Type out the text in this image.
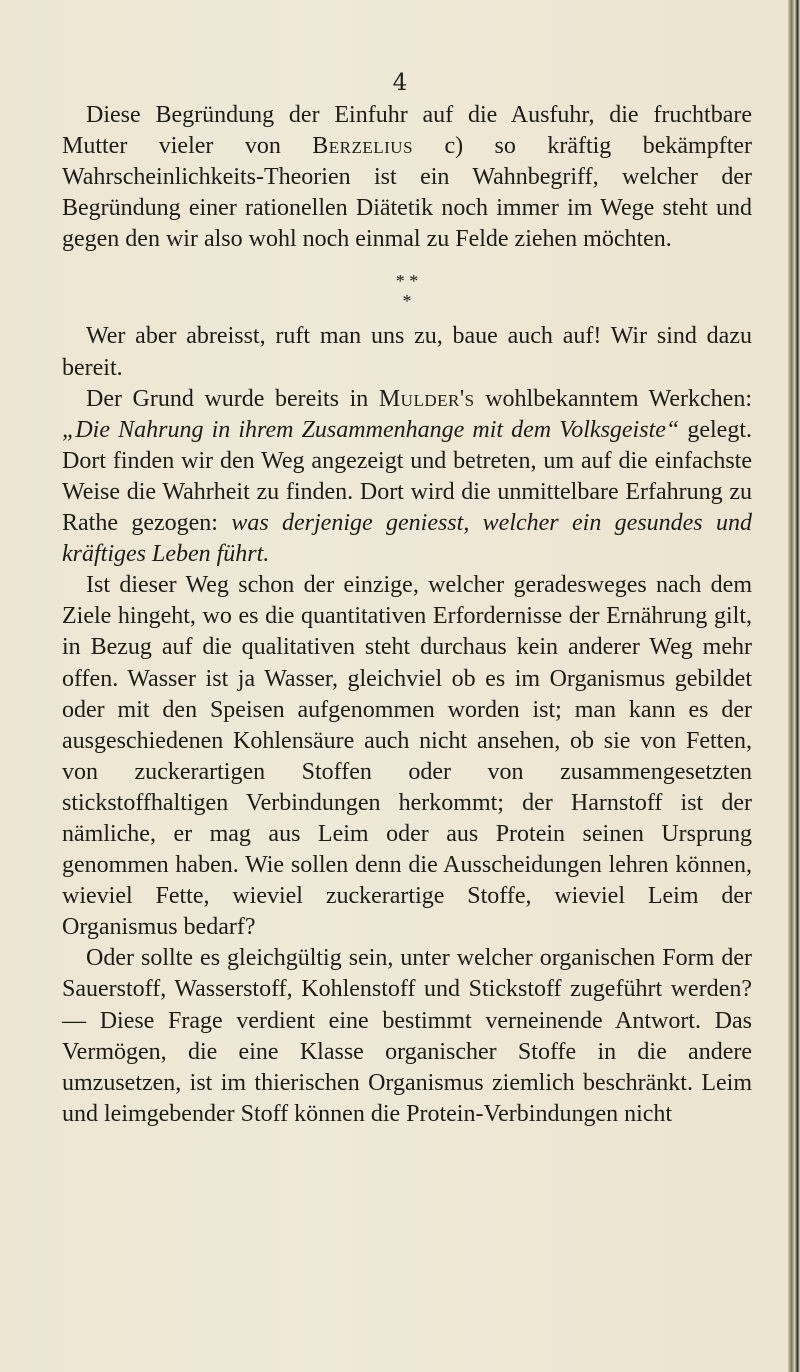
4

Diese Begründung der Einfuhr auf die Ausfuhr, die fruchtbare Mutter vieler von Berzelius c) so kräftig bekämpfter Wahrscheinlichkeits-Theorien ist ein Wahnbegriff, welcher der Begründung einer rationellen Diätetik noch immer im Wege steht und gegen den wir also wohl noch einmal zu Felde ziehen möchten.

* *
*

Wer aber abreisst, ruft man uns zu, baue auch auf! Wir sind dazu bereit.

Der Grund wurde bereits in Mulder's wohlbekanntem Werkchen: „Die Nahrung in ihrem Zusammenhange mit dem Volksgeiste“ gelegt. Dort finden wir den Weg angezeigt und betreten, um auf die einfachste Weise die Wahrheit zu finden. Dort wird die unmittelbare Erfahrung zu Rathe gezogen: was derjenige geniesst, welcher ein gesundes und kräftiges Leben führt.

Ist dieser Weg schon der einzige, welcher geradesweges nach dem Ziele hingeht, wo es die quantitativen Erfordernisse der Ernährung gilt, in Bezug auf die qualitativen steht durchaus kein anderer Weg mehr offen. Wasser ist ja Wasser, gleichviel ob es im Organismus gebildet oder mit den Speisen aufgenommen worden ist; man kann es der ausgeschiedenen Kohlensäure auch nicht ansehen, ob sie von Fetten, von zuckerartigen Stoffen oder von zusammengesetzten stickstoffhaltigen Verbindungen herkommt; der Harnstoff ist der nämliche, er mag aus Leim oder aus Protein seinen Ursprung genommen haben. Wie sollen denn die Ausscheidungen lehren können, wieviel Fette, wieviel zuckerartige Stoffe, wieviel Leim der Organismus bedarf?

Oder sollte es gleichgültig sein, unter welcher organischen Form der Sauerstoff, Wasserstoff, Kohlenstoff und Stickstoff zugeführt werden? — Diese Frage verdient eine bestimmt verneinende Antwort. Das Vermögen, die eine Klasse organischer Stoffe in die andere umzusetzen, ist im thierischen Organismus ziemlich beschränkt. Leim und leimgebender Stoff können die Protein-Verbindungen nicht
